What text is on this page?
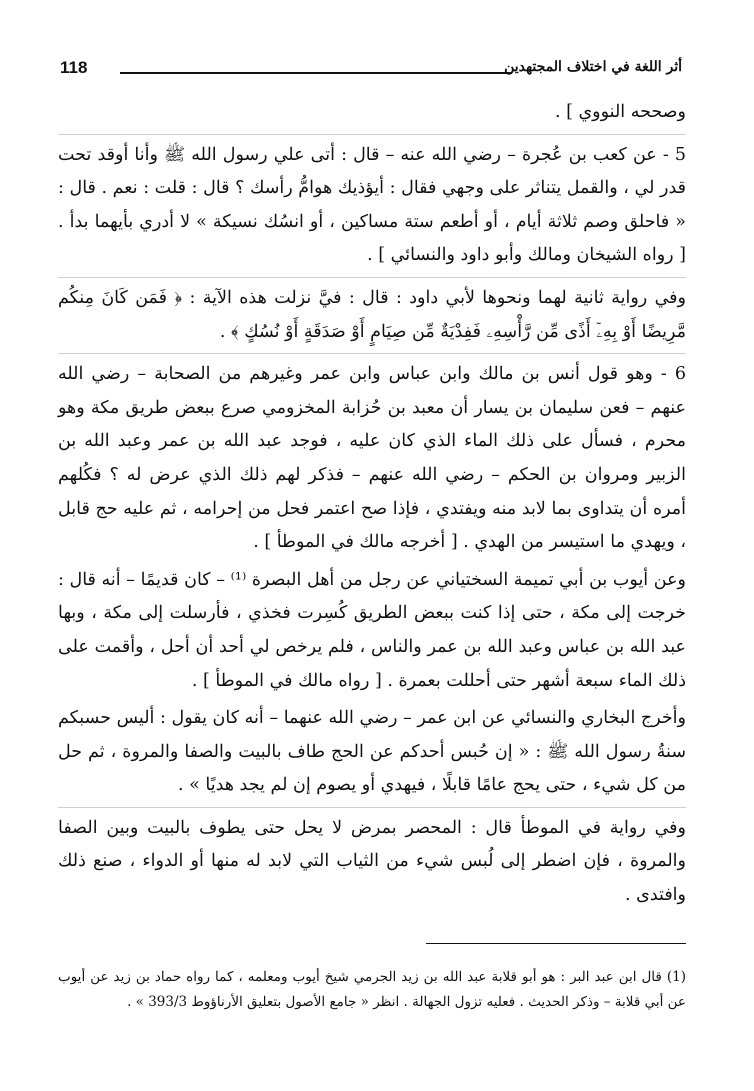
118	أثر اللغة في اختلاف المجتهدين

وصححه النووي ] .

5 - عن كعب بن عُجرة – رضي الله عنه – قال : أتى علي رسول الله ﷺ وأنا أوقد تحت قدر لي ، والقمل يتناثر على وجهي فقال : أيؤذيك هوامُّ رأسك ؟ قال : قلت : نعم . قال : « فاحلق وصم ثلاثة أيام ، أو أطعم ستة مساكين ، أو انسُك نسيكة » لا أدري بأيهما بدأ . [ رواه الشيخان ومالك وأبو داود والنسائي ] .

وفي رواية ثانية لهما ونحوها لأبي داود : قال : فيَّ نزلت هذه الآية : ﴿ فَمَن كَانَ مِنكُم مَّرِيضًا أَوْ بِهِۦٓ أَذًى مِّن رَّأْسِهِۦ فَفِدْيَةٌ مِّن صِيَامٍ أَوْ صَدَقَةٍ أَوْ نُسُكٍ ﴾ .

6 - وهو قول أنس بن مالك وابن عباس وابن عمر وغيرهم من الصحابة – رضي الله عنهم – فعن سليمان بن يسار أن معبد بن حُزابة المخزومي صرع ببعض طريق مكة وهو محرم ، فسأل على ذلك الماء الذي كان عليه ، فوجد عبد الله بن عمر وعبد الله بن الزبير ومروان بن الحكم – رضي الله عنهم – فذكر لهم ذلك الذي عرض له ؟ فكُلهم أمره أن يتداوى بما لابد منه ويفتدي ، فإذا صح اعتمر فحل من إحرامه ، ثم عليه حج قابل ، ويهدي ما استيسر من الهدي . [ أخرجه مالك في الموطأ ] .

وعن أيوب بن أبي تميمة السختياني عن رجل من أهل البصرة ⁽¹⁾ – كان قديمًا – أنه قال : خرجت إلى مكة ، حتى إذا كنت ببعض الطريق كُسِرت فخذي ، فأرسلت إلى مكة ، وبها عبد الله بن عباس وعبد الله بن عمر والناس ، فلم يرخص لي أحد أن أحل ، وأقمت على ذلك الماء سبعة أشهر حتى أحللت بعمرة . [ رواه مالك في الموطأ ] .

وأخرج البخاري والنسائي عن ابن عمر – رضي الله عنهما – أنه كان يقول : أليس حسبكم سنةُ رسول الله ﷺ : « إن حُبس أحدكم عن الحج طاف بالبيت والصفا والمروة ، ثم حل من كل شيء ، حتى يحج عامًا قابلًا ، فيهدي أو يصوم إن لم يجد هديًا » .

وفي رواية في الموطأ قال : المحصر بمرض لا يحل حتى يطوف بالبيت وبين الصفا والمروة ، فإن اضطر إلى لُبس شيء من الثياب التي لابد له منها أو الدواء ، صنع ذلك وافتدى .

(1) قال ابن عبد البر : هو أبو قلابة عبد الله بن زيد الجرمي شيخ أيوب ومعلمه ، كما رواه حماد بن زيد عن أيوب عن أبي قلابة – وذكر الحديث . فعليه تزول الجهالة . انظر « جامع الأصول بتعليق الأرناؤوط 393/3 » .
